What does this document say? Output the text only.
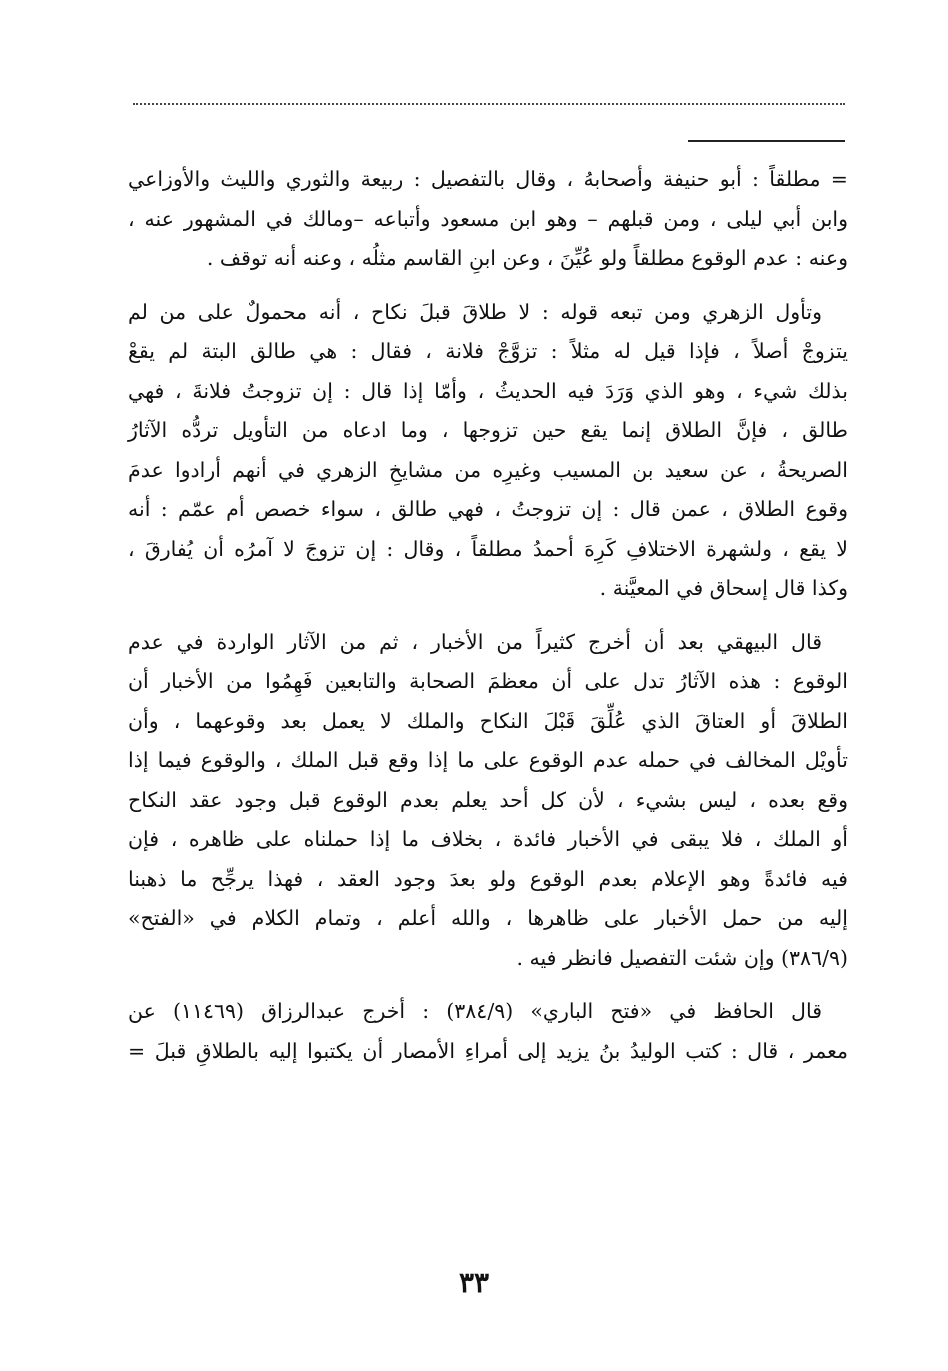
= مطلقاً : أبو حنيفة وأصحابهُ ، وقال بالتفصيل : ربيعة والثوري والليث والأوزاعي
وابن أبي ليلى ، ومن قبلهم – وهو ابن مسعود وأتباعه –ومالك في المشهور عنه ،
وعنه : عدم الوقوع مطلقاً ولو عُيِّنَ ، وعن ابنِ القاسم مثلُه ، وعنه أنه توقف .

وتأول الزهري ومن تبعه قوله : لا طلاقَ قبلَ نكاح ، أنه محمولٌ على من لم
يتزوجْ أصلاً ، فإذا قيل له مثلاً : تزوَّجْ فلانة ، فقال : هي طالق البتة لم يقعْ
بذلك شيء ، وهو الذي وَرَدَ فيه الحديثُ ، وأمّا إذا قال : إن تزوجتُ فلانةَ ، فهي
طالق ، فإنَّ الطلاق إنما يقع حين تزوجها ، وما ادعاه من التأويل تردُّه الآثارُ
الصريحةُ ، عن سعيد بن المسيب وغيرِه من مشايخِ الزهري في أنهم أرادوا عدمَ
وقوع الطلاق ، عمن قال : إن تزوجتُ ، فهي طالق ، سواء خصص أم عمّم : أنه
لا يقع ، ولشهرة الاختلافِ كَرِهَ أحمدُ مطلقاً ، وقال : إن تزوجَ لا آمرُه أن يُفارقَ ،
وكذا قال إسحاق في المعيَّنة .

قال البيهقي بعد أن أخرج كثيراً من الأخبار ، ثم من الآثار الواردة في عدم
الوقوع : هذه الآثارُ تدل على أن معظمَ الصحابة والتابعين فَهِمُوا من الأخبار أن
الطلاقَ أو العتاقَ الذي عُلِّقَ قَبْلَ النكاح والملك لا يعمل بعد وقوعهما ، وأن
تأويْل المخالف في حمله عدم الوقوع على ما إذا وقع قبل الملك ، والوقوع فيما إذا
وقع بعده ، ليس بشيء ، لأن كل أحد يعلم بعدم الوقوع قبل وجود عقد النكاح
أو الملك ، فلا يبقى في الأخبار فائدة ، بخلاف ما إذا حملناه على ظاهره ، فإن
فيه فائدةً وهو الإعلام بعدم الوقوع ولو بعدَ وجود العقد ، فهذا يرجِّح ما ذهبنا
إليه من حمل الأخبار على ظاهرها ، والله أعلم ، وتمام الكلام في «الفتح»
(٣٨٦/٩) وإن شئت التفصيل فانظر فيه .

قال الحافظ في «فتح الباري» (٣٨٤/٩) : أخرج عبدالرزاق (١١٤٦٩) عن
معمر ، قال : كتب الوليدُ بنُ يزيد إلى أمراءِ الأمصار أن يكتبوا إليه بالطلاقِ قبلَ =

٣٣
